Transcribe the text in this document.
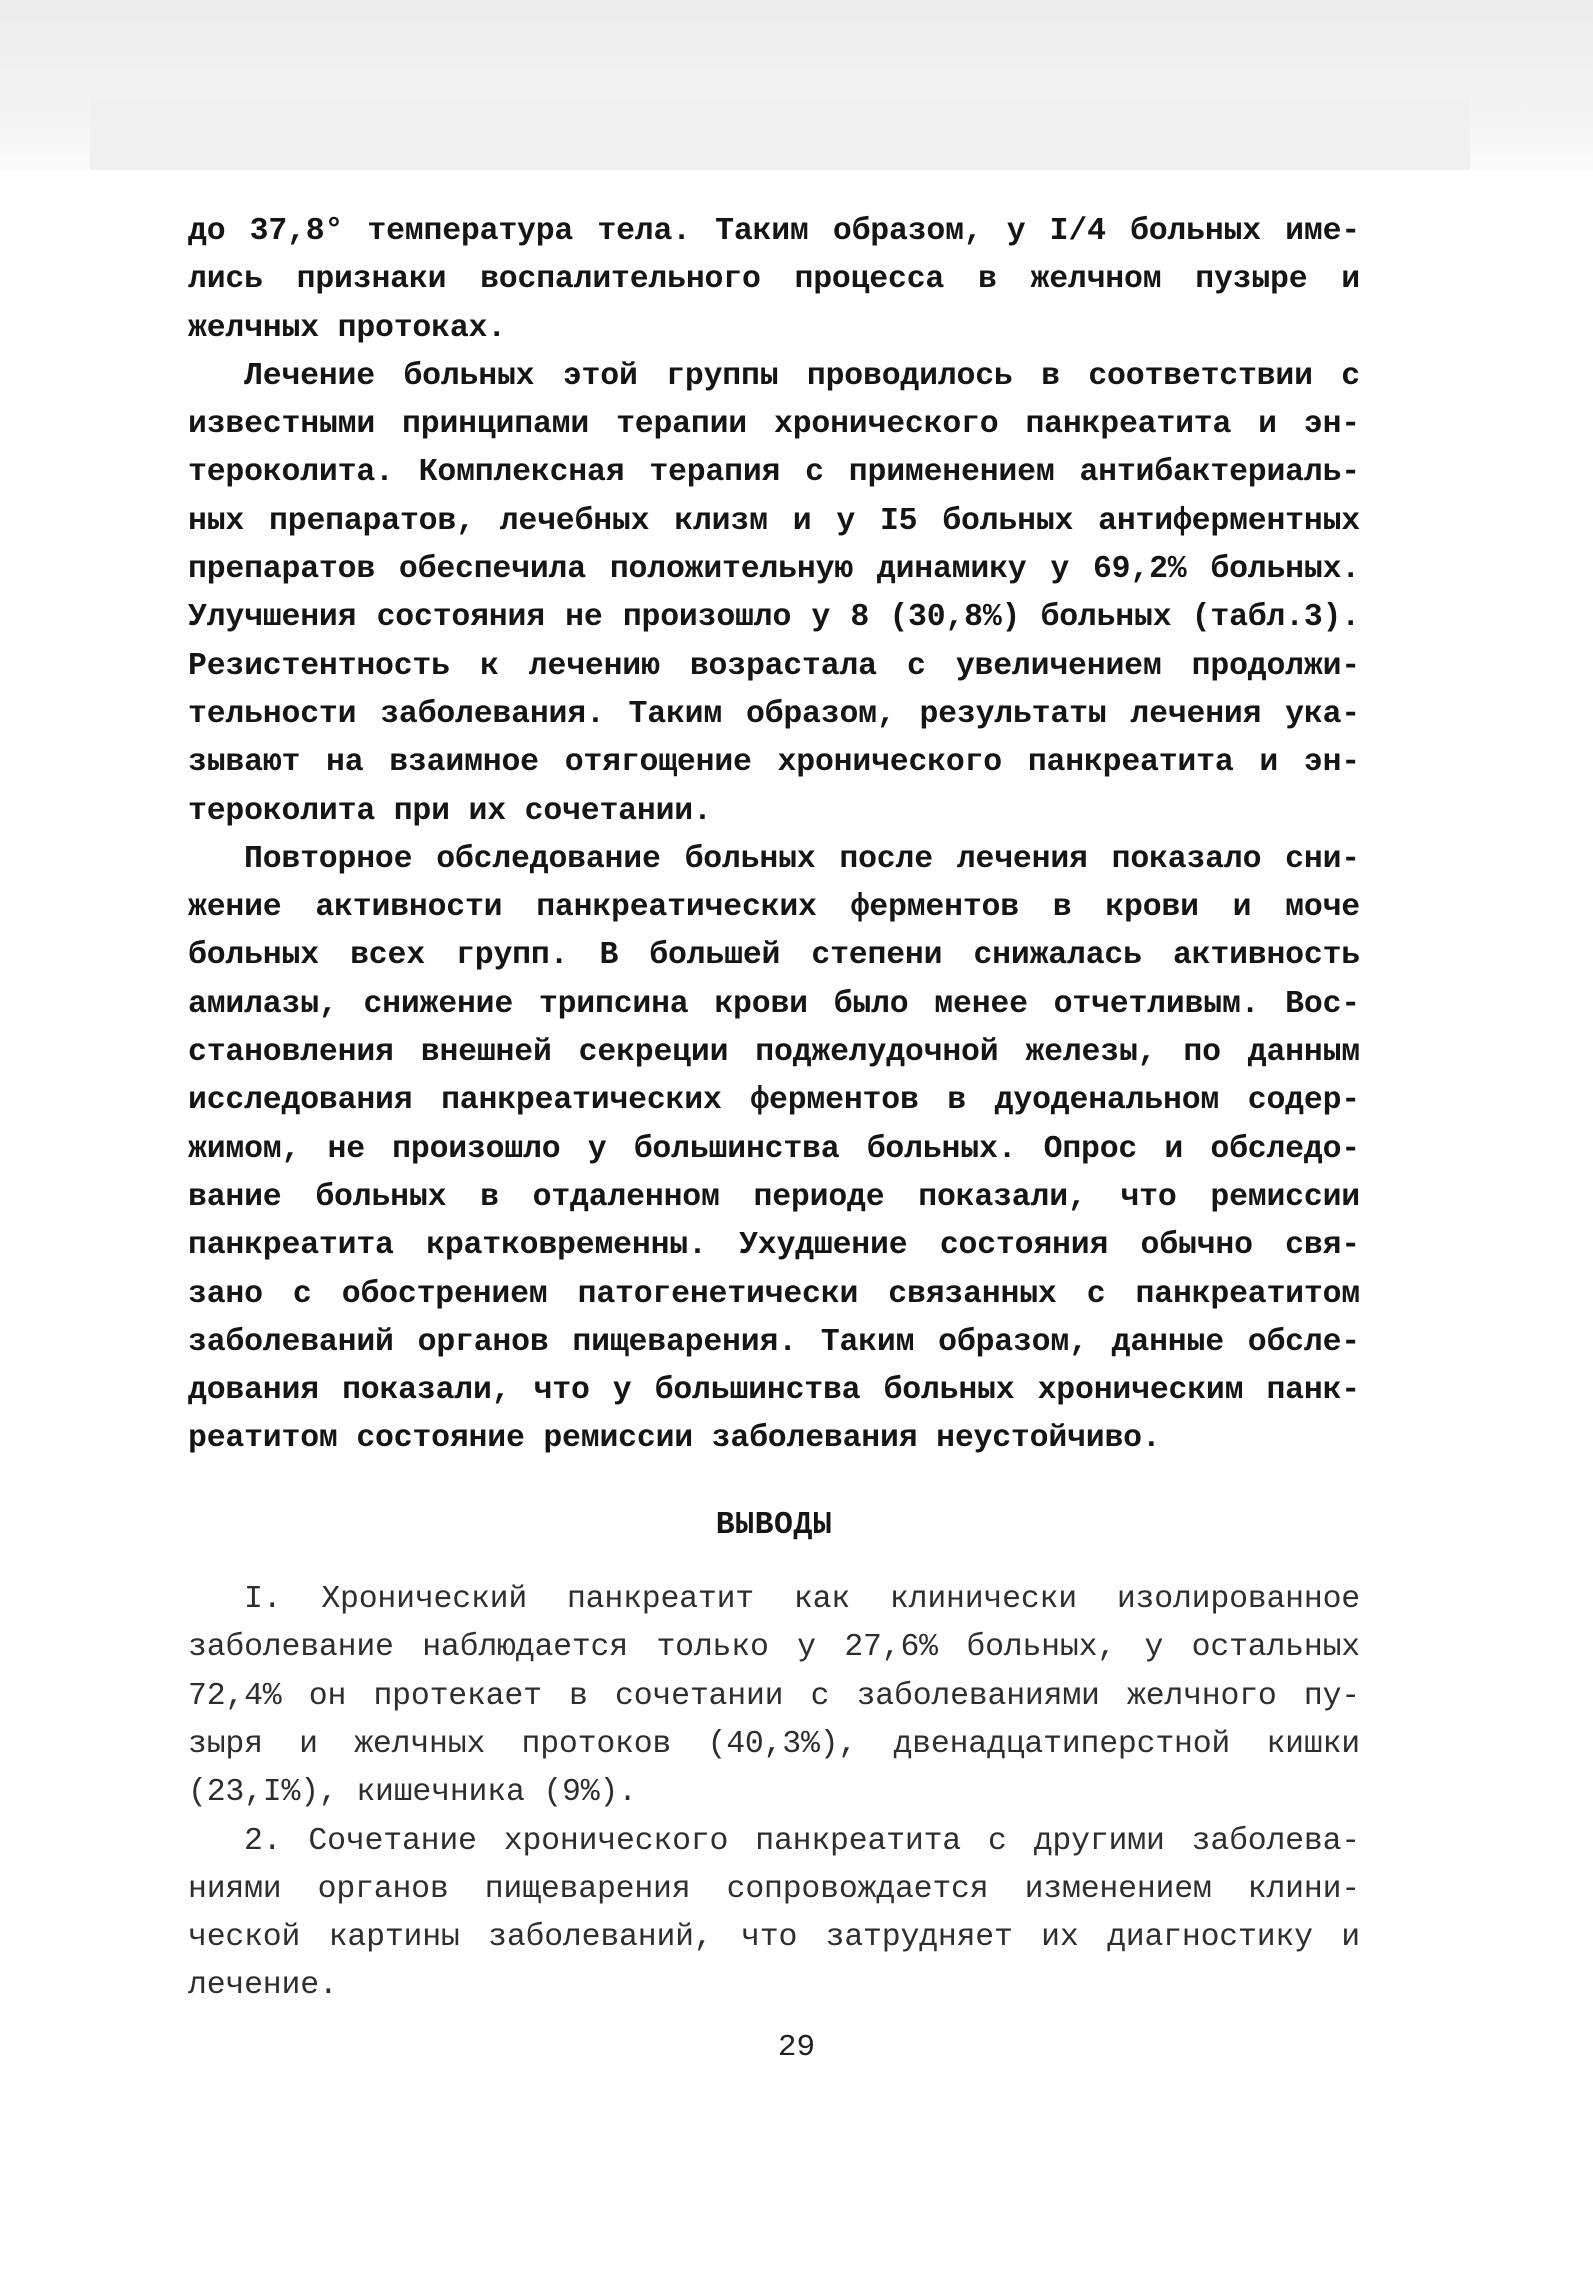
до 37,8° температура тела. Таким образом, у I/4 больных име-
лись признаки воспалительного процесса в желчном пузыре и
желчных протоках.
Лечение больных этой группы проводилось в соответствии с
известными принципами терапии хронического панкреатита и эн-
тероколита. Комплексная терапия с применением антибактериаль-
ных препаратов, лечебных клизм и у I5 больных антиферментных
препаратов обеспечила положительную динамику у 69,2% больных.
Улучшения состояния не произошло у 8 (30,8%) больных (табл.3).
Резистентность к лечению возрастала с увеличением продолжи-
тельности заболевания. Таким образом, результаты лечения ука-
зывают на взаимное отягощение хронического панкреатита и эн-
тероколита при их сочетании.
Повторное обследование больных после лечения показало сни-
жение активности панкреатических ферментов в крови и моче
больных всех групп. В большей степени снижалась активность
амилазы, снижение трипсина крови было менее отчетливым. Вос-
становления внешней секреции поджелудочной железы, по данным
исследования панкреатических ферментов в дуоденальном содер-
жимом, не произошло у большинства больных. Опрос и обследо-
вание больных в отдаленном периоде показали, что ремиссии
панкреатита кратковременны. Ухудшение состояния обычно свя-
зано с обострением патогенетически связанных с панкреатитом
заболеваний органов пищеварения. Таким образом, данные обсле-
дования показали, что у большинства больных хроническим панк-
реатитом состояние ремиссии заболевания неустойчиво.
ВЫВОДЫ
I. Хронический панкреатит как клинически изолированное
заболевание наблюдается только у 27,6% больных, у остальных
72,4% он протекает в сочетании с заболеваниями желчного пу-
зыря и желчных протоков (40,3%), двенадцатиперстной кишки
(23,I%), кишечника (9%).
2. Сочетание хронического панкреатита с другими заболева-
ниями органов пищеварения сопровождается изменением клини-
ческой картины заболеваний, что затрудняет их диагностику и
лечение.
29
